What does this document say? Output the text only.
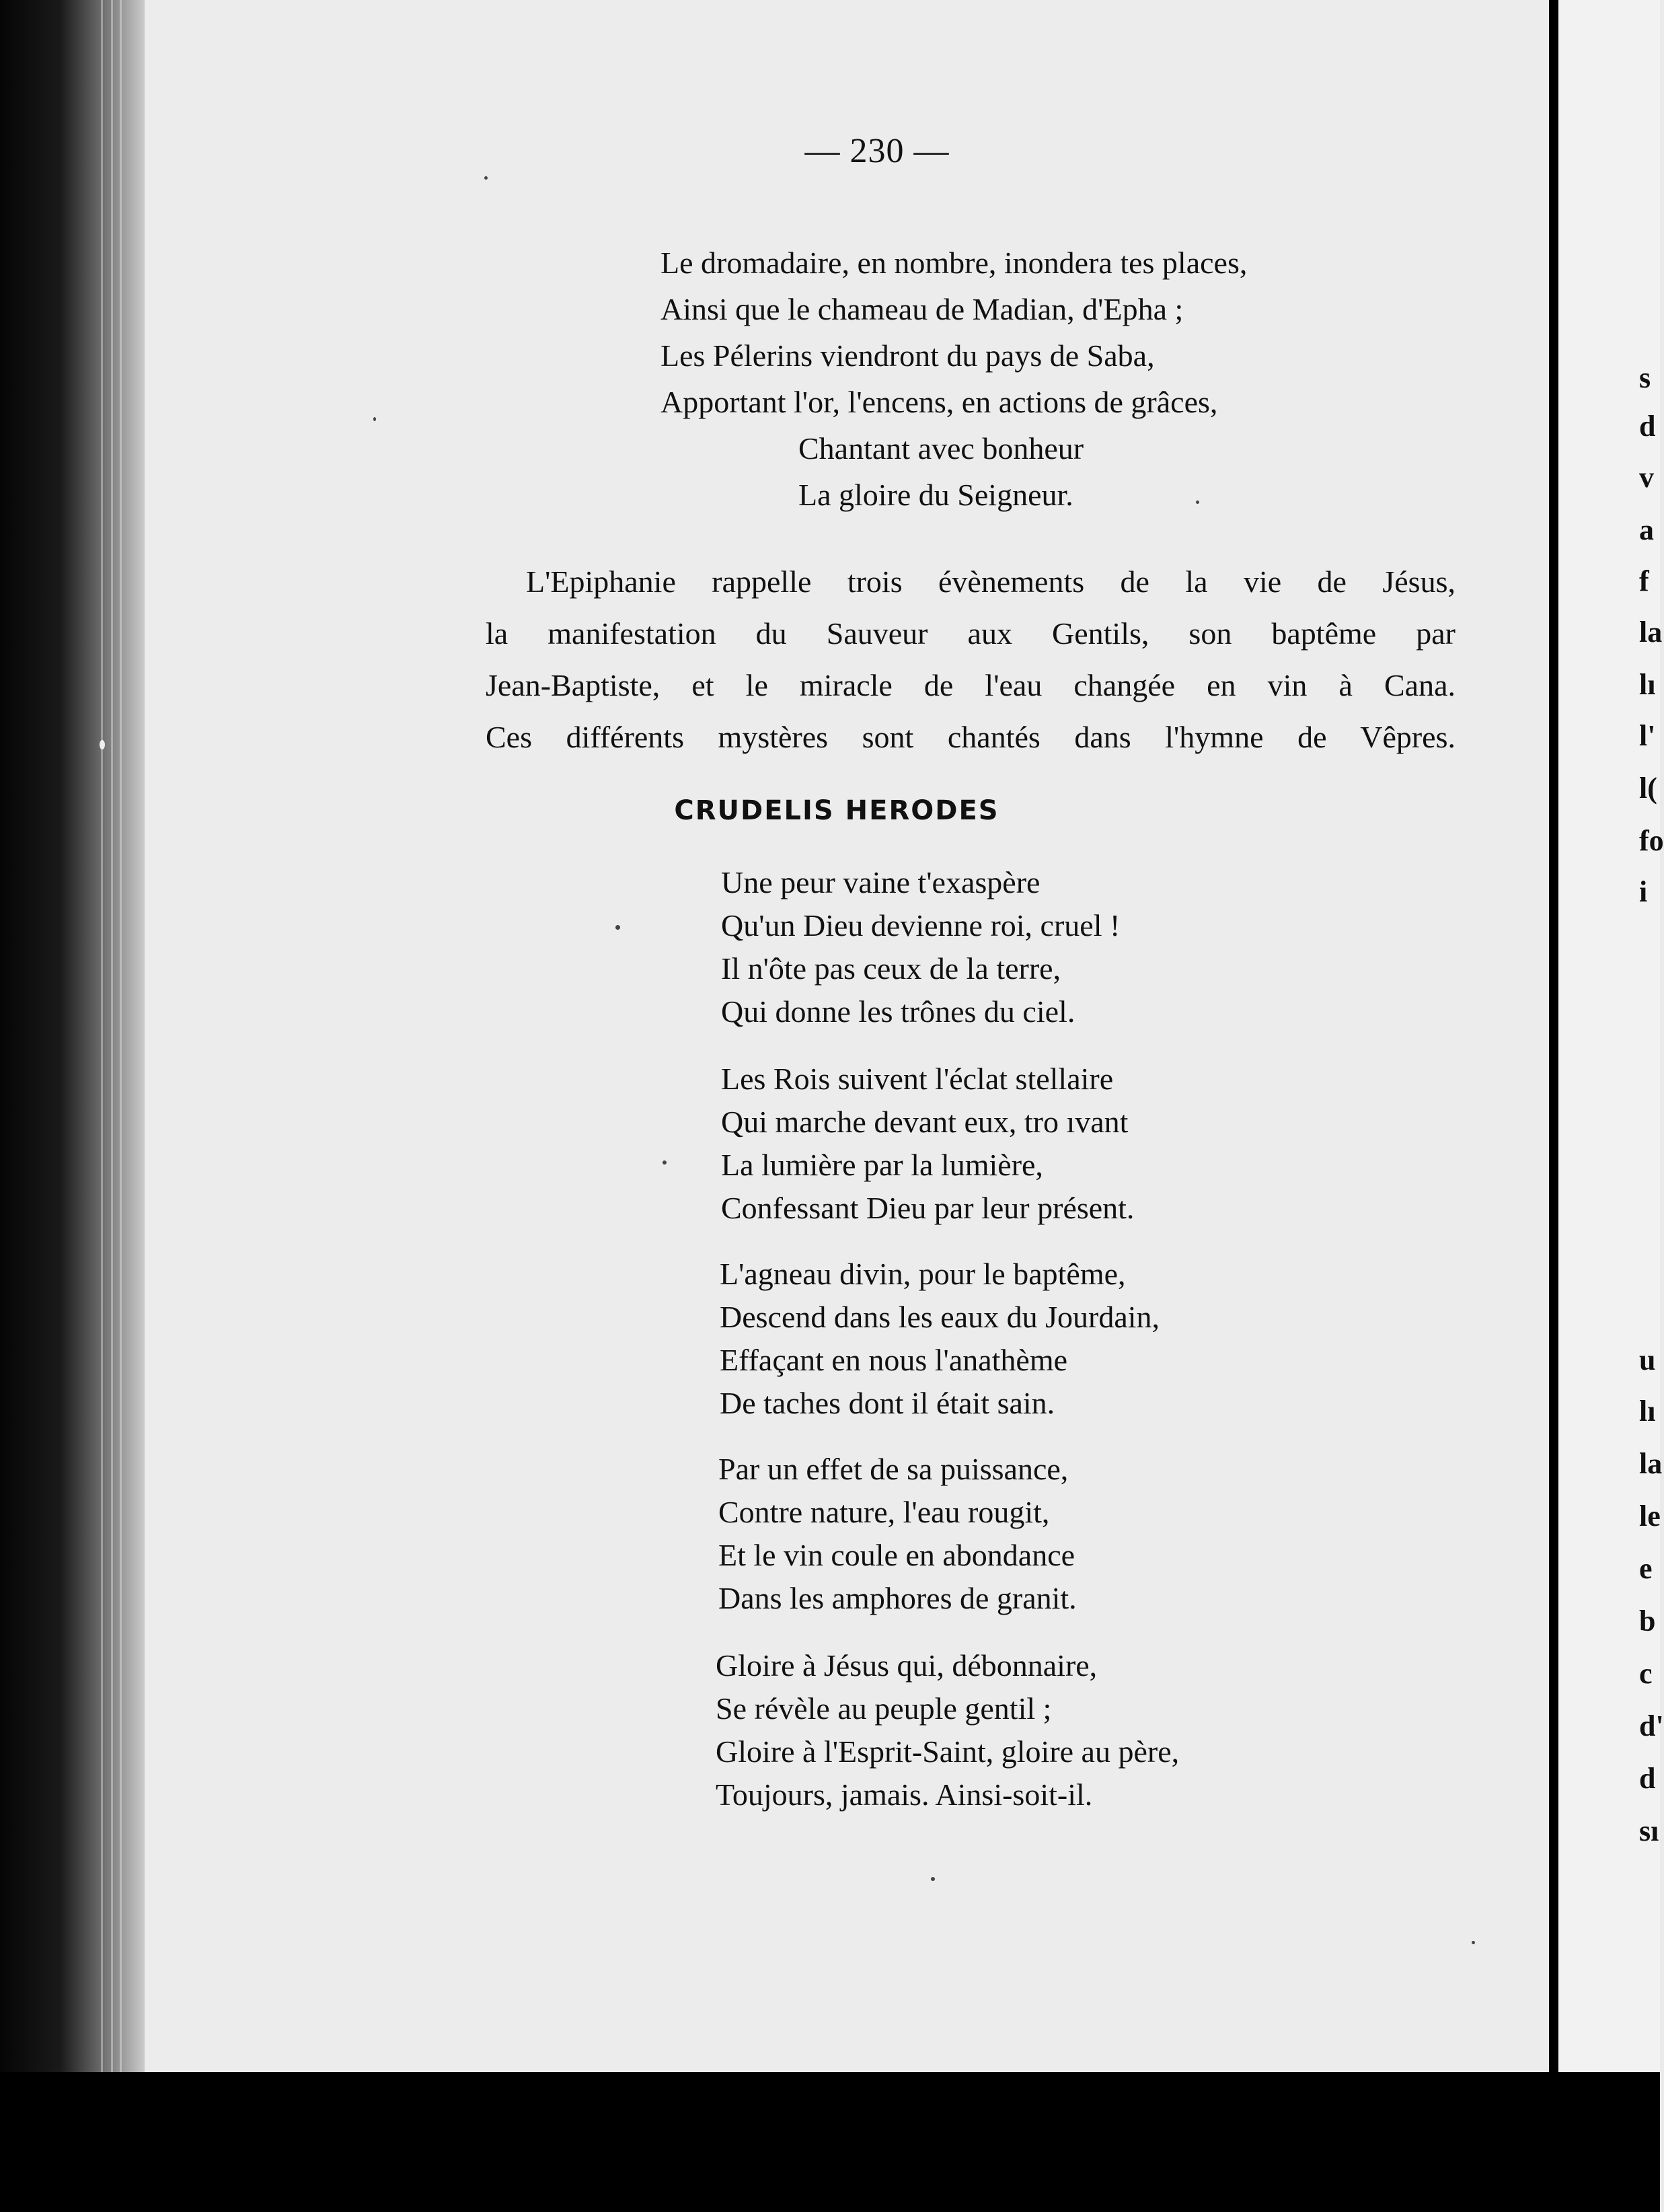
s
d
v
a
f
la
lı
l'
l(
fo
i
u
lı
la
le
e
b
c
d'
d
sı
— 230 —
Le dromadaire, en nombre, inondera tes places,
Ainsi que le chameau de Madian, d'Epha ;
Les Pélerins viendront du pays de Saba,
Apportant l'or, l'encens, en actions de grâces,
Chantant avec bonheur
La gloire du Seigneur.
L'Epiphanie rappelle trois évènements de la vie de Jésus,
la manifestation du Sauveur aux Gentils, son baptême par
Jean-Baptiste, et le miracle de l'eau changée en vin à Cana.
Ces différents mystères sont chantés dans l'hymne de Vêpres.
CRUDELIS HERODES
Une peur vaine t'exaspère
Qu'un Dieu devienne roi, cruel !
Il n'ôte pas ceux de la terre,
Qui donne les trônes du ciel.
Les Rois suivent l'éclat stellaire
Qui marche devant eux, tro ıvant
La lumière par la lumière,
Confessant Dieu par leur présent.
L'agneau divin, pour le baptême,
Descend dans les eaux du Jourdain,
Effaçant en nous l'anathème
De taches dont il était sain.
Par un effet de sa puissance,
Contre nature, l'eau rougit,
Et le vin coule en abondance
Dans les amphores de granit.
Gloire à Jésus qui, débonnaire,
Se révèle au peuple gentil ;
Gloire à l'Esprit-Saint, gloire au père,
Toujours, jamais. Ainsi-soit-il.
